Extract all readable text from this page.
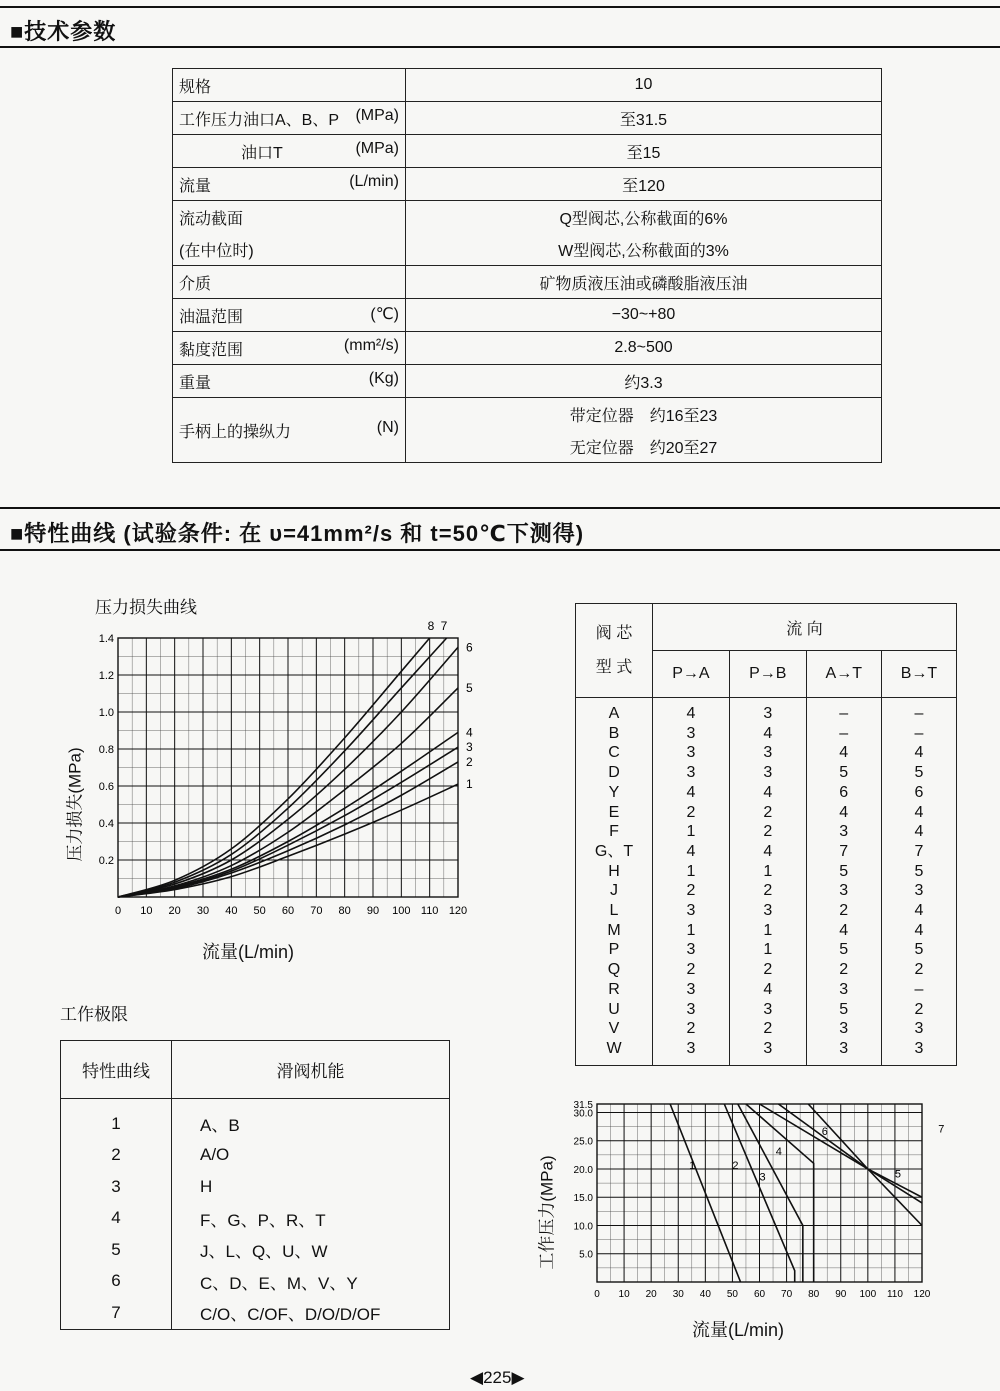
■技术参数
规格	10

工作压力油口A、B、P (MPa)	至31.5

油口T (MPa)	至15

流量 (L/min)	至120
流动截面	Q型阀芯,公称截面的6%
(在中位时)	W型阀芯,公称截面的3%
介质	矿物质液压油或磷酸脂液压油

油温范围 (℃)	−30~+80

黏度范围 (mm²/s)	2.8~500

重量 (Kg)	约3.3

手柄上的操纵力 (N)	带定位器　约16至23
	无定位器　约20至27
■特性曲线 (试验条件: 在 υ=41mm²/s 和 t=50℃下测得)
压力损失曲线
0 10 20 30 40 50 60 70 80 90 100 110 120
0.2
0.4
0.6
0.8
1.0
1.2
1.4
1
2
3
4
5
6
7
8
流量(L/min)
压力损失(MPa)
阀 芯
型 式	流 向			
	P→A	P→B	A→T	B→T
A	4	3	–	–
B	3	4	–	–
C	3	3	4	4
D	3	3	5	5
Y	4	4	6	6
E	2	2	4	4
F	1	2	3	4
G、T	4	4	7	7
H	1	1	5	5
J	2	2	3	3
L	3	3	2	4
M	1	1	4	4
P	3	1	5	5
Q	2	2	2	2
R	3	4	3	–
U	3	3	5	2
V	2	2	3	3
W	3	3	3	3
工作极限
特性曲线	滑阀机能
1	A、B
2	A/O
3	H
4	F、G、P、R、T
5	J、L、Q、U、W
6	C、D、E、M、V、Y
7	C/O、C/OF、D/O/D/OF
0 10 20 30 40 50 60 70 80 90 100 110 120
5.0
10.0
15.0
20.0
25.0
30.0
31.5
1	2
3
4
5
6	7
流量(L/min)
工作压力(MPa)
◀225▶
